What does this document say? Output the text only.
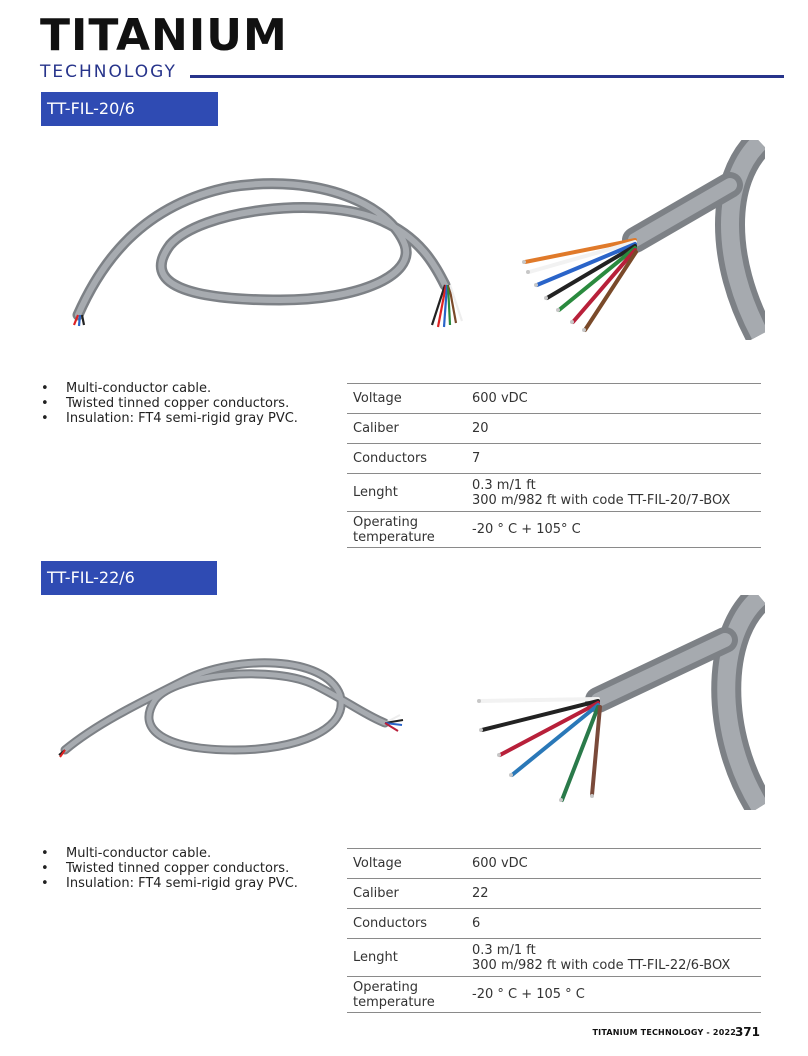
TITANIUM
TECHNOLOGY
TT-FIL-20/6
• Multi-conductor cable.
• Twisted tinned copper conductors.
• Insulation: FT4 semi-rigid gray PVC.
Voltage	600 vDC
Caliber	20
Conductors	7
Lenght	0.3 m/1 ft
300 m/982 ft with code TT-FIL-20/7-BOX

Operating temperature	-20 ° C + 105° C
TT-FIL-22/6
• Multi-conductor cable.
• Twisted tinned copper conductors.
• Insulation: FT4 semi-rigid gray PVC.
Voltage	600 vDC
Caliber	22
Conductors	6
Lenght	0.3 m/1 ft
300 m/982 ft with code TT-FIL-22/6-BOX

Operating temperature	-20 ° C + 105 ° C
TITANIUM TECHNOLOGY - 2022
371
